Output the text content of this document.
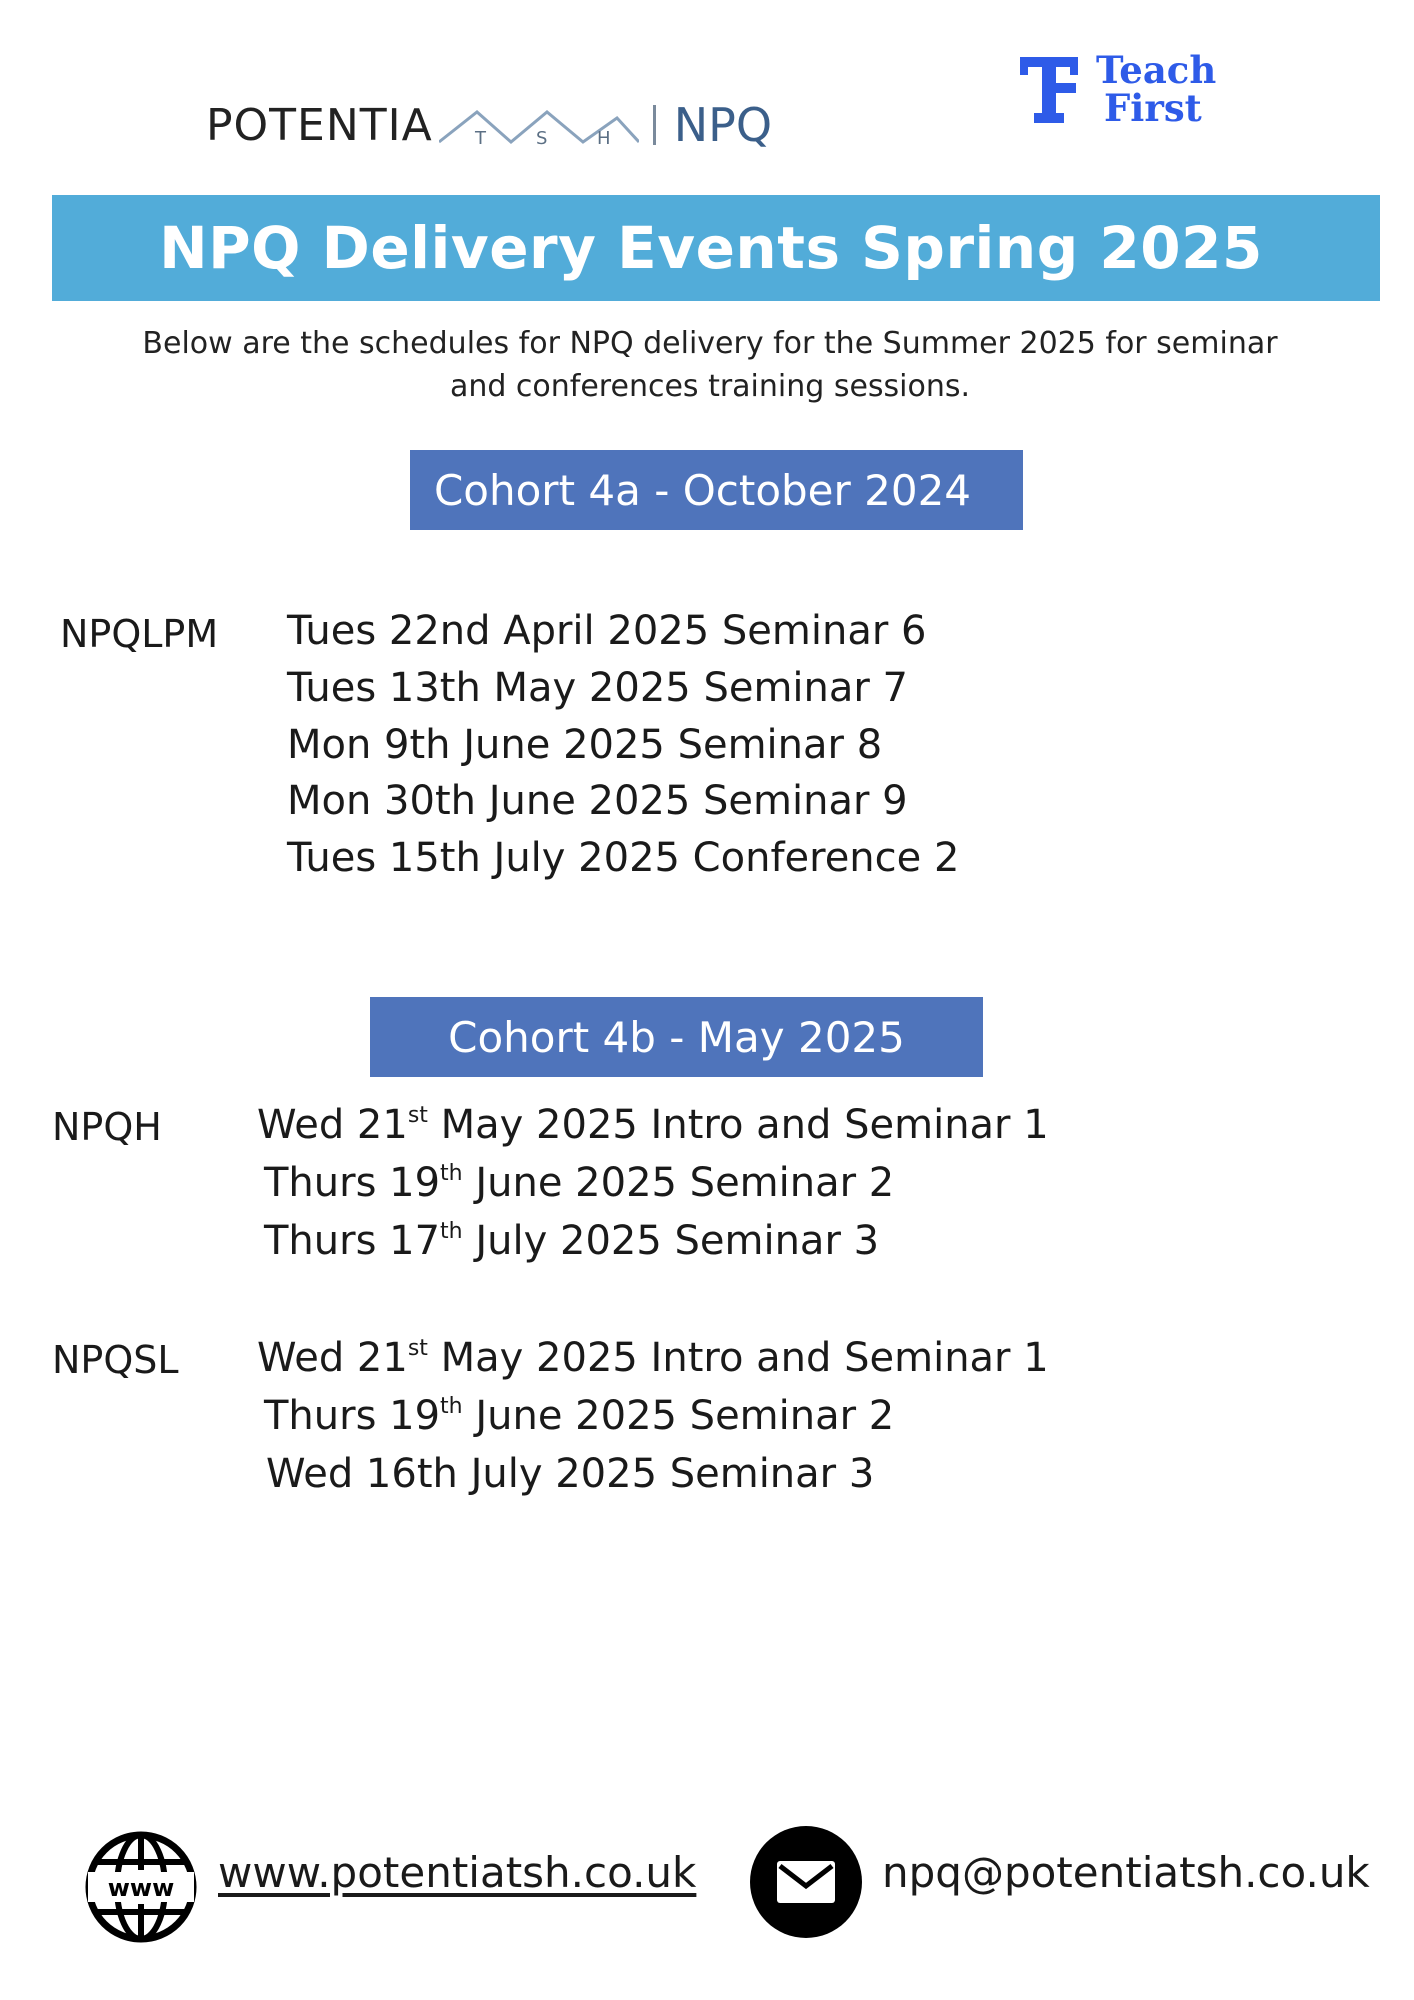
POTENTIA T	S	H NPQ
Teach
First
NPQ Delivery Events Spring 2025
Below are the schedules for NPQ delivery for the Summer 2025 for seminar
and conferences training sessions.
Cohort 4a - October 2024
NPQLPM Tues 22nd April 2025 Seminar 6
Tues 13th May 2025 Seminar 7
Mon 9th June 2025 Seminar 8
Mon 30th June 2025 Seminar 9
Tues 15th July 2025 Conference 2
Cohort 4b - May 2025
NPQH Wed 21st May 2025 Intro and Seminar 1
Thurs 19th June 2025 Seminar 2
Thurs 17th July 2025 Seminar 3
NPQSL Wed 21st May 2025 Intro and Seminar 1
Thurs 19th June 2025 Seminar 2
Wed 16th July 2025 Seminar 3
www www.potentiatsh.co.uk	npq@potentiatsh.co.uk
